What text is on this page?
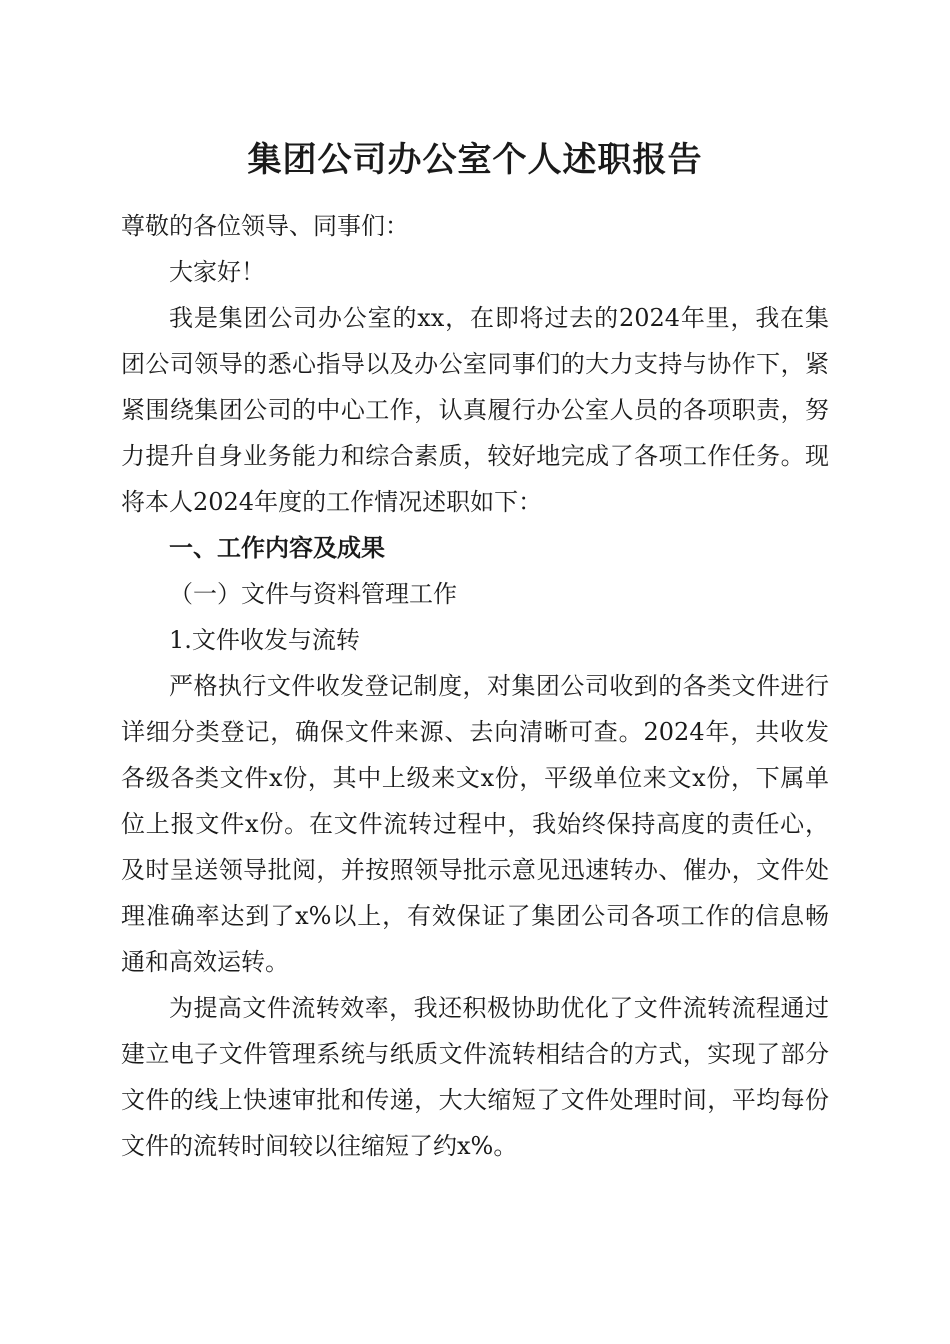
集团公司办公室个人述职报告

尊敬的各位领导、同事们：

大家好！

我是集团公司办公室的xx，在即将过去的2024年里，我在集团公司领导的悉心指导以及办公室同事们的大力支持与协作下，紧紧围绕集团公司的中心工作，认真履行办公室人员的各项职责，努力提升自身业务能力和综合素质，较好地完成了各项工作任务。现将本人2024年度的工作情况述职如下：

一、工作内容及成果

（一）文件与资料管理工作

1.文件收发与流转

严格执行文件收发登记制度，对集团公司收到的各类文件进行详细分类登记，确保文件来源、去向清晰可查。2024年，共收发各级各类文件x份，其中上级来文x份，平级单位来文x份，下属单位上报文件x份。在文件流转过程中，我始终保持高度的责任心，及时呈送领导批阅，并按照领导批示意见迅速转办、催办，文件处理准确率达到了x%以上，有效保证了集团公司各项工作的信息畅通和高效运转。

为提高文件流转效率，我还积极协助优化了文件流转流程通过建立电子文件管理系统与纸质文件流转相结合的方式，实现了部分文件的线上快速审批和传递，大大缩短了文件处理时间，平均每份文件的流转时间较以往缩短了约x%。
